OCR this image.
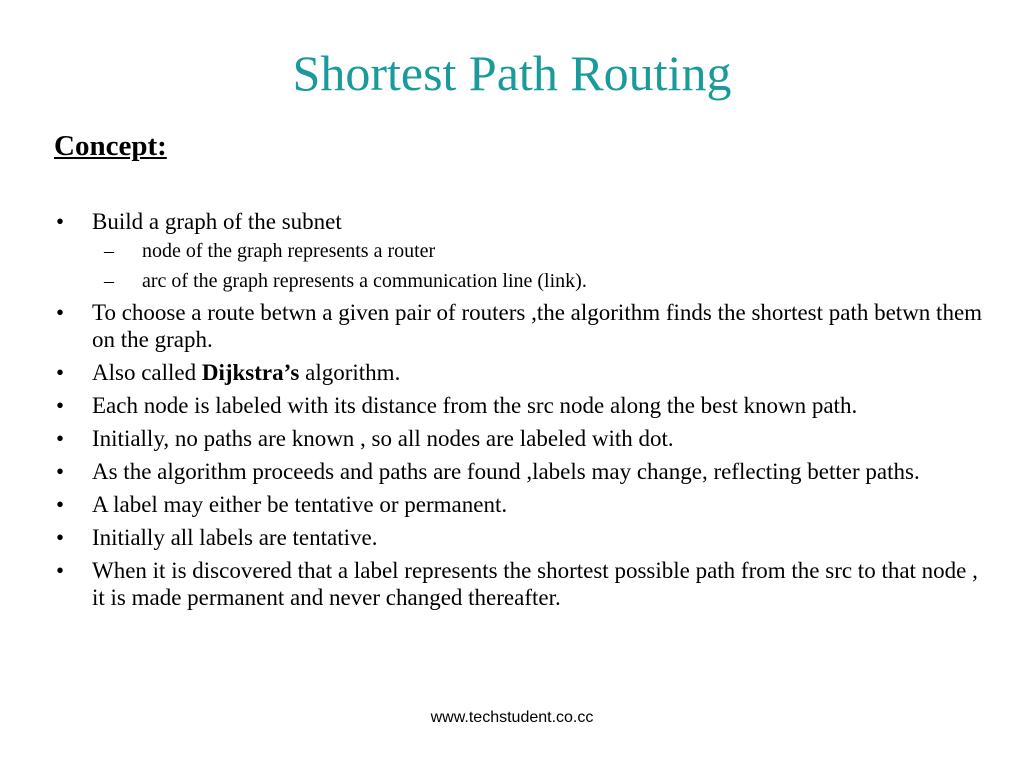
Shortest Path Routing
Concept:
• Build a graph of the subnet
– node of the graph represents a router
– arc of the graph represents a communication line (link).
• To choose a route betwn a given pair of routers ,the algorithm finds the shortest path betwn them on the graph.
• Also called Dijkstra’s algorithm.
• Each node is labeled with its distance from the src node along the best known path.
• Initially, no paths are known , so all nodes are labeled with dot.
• As the algorithm proceeds and paths are found ,labels may change, reflecting better paths.
• A label may either be tentative or permanent.
• Initially all labels are tentative.
• When it is discovered that a label represents the shortest possible path from the src to that node , it is made permanent and never changed thereafter.
www.techstudent.co.cc
